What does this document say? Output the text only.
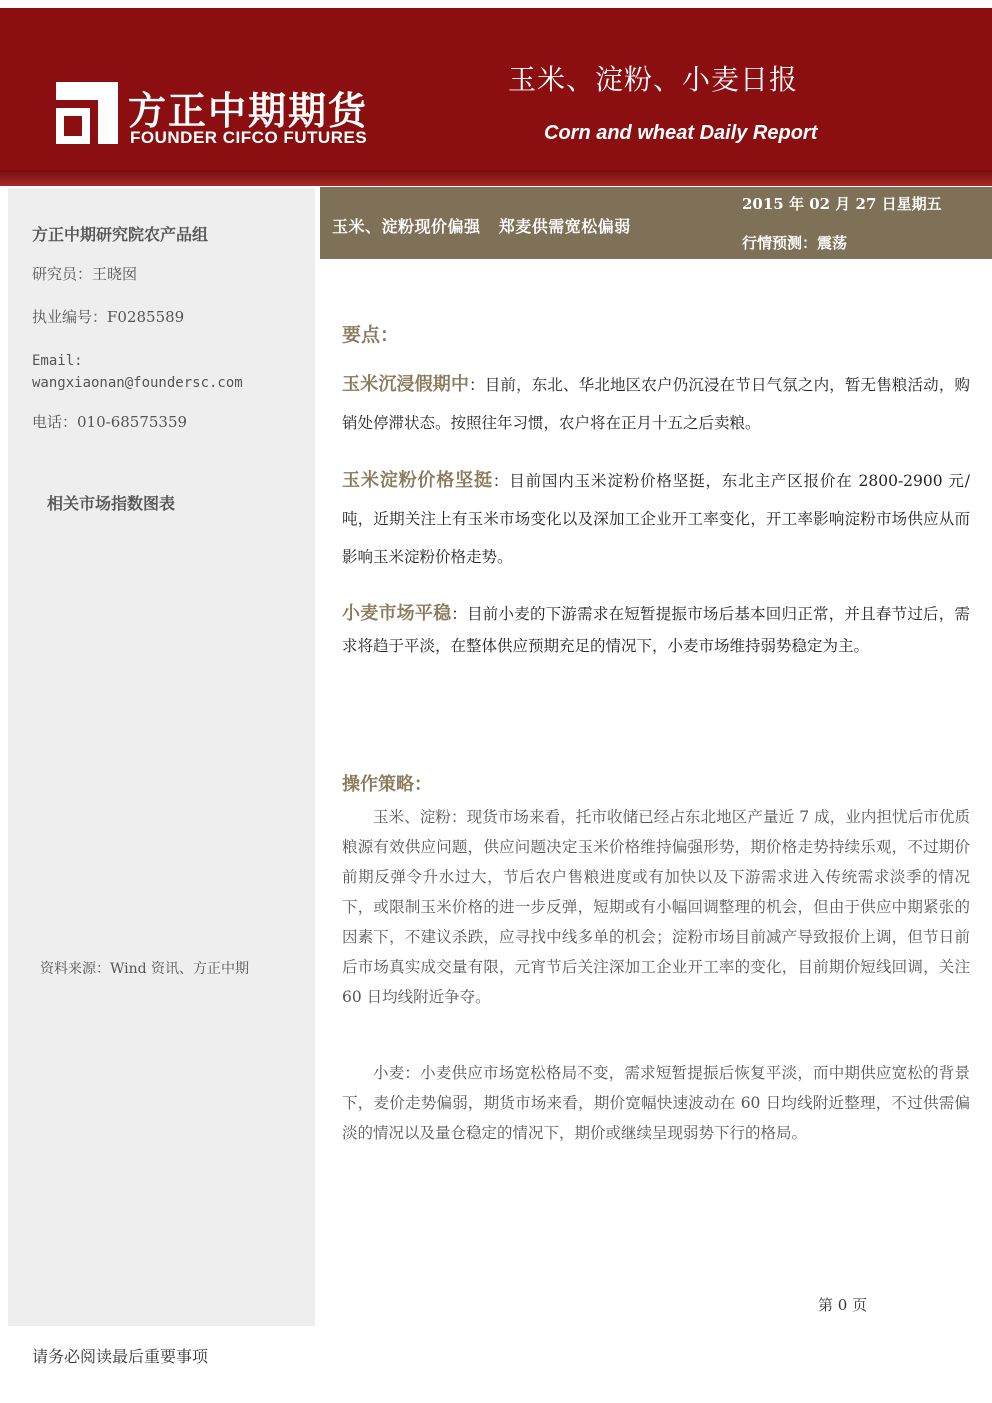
方正中期期货
FOUNDER CIFCO FUTURES
玉米、淀粉、小麦日报
Corn and wheat Daily Report
方正中期研究院农产品组
研究员：王晓囡
执业编号：F0285589
Email:
wangxiaonan@foundersc.com
电话：010-68575359
相关市场指数图表
资料来源：Wind 资讯、方正中期
玉米、淀粉现价偏强   郑麦供需宽松偏弱
2015 年 02 月 27 日星期五
行情预测：震荡
要点：
玉米沉浸假期中：目前，东北、华北地区农户仍沉浸在节日气氛之内，暂无售粮活动，购销处停滞状态。按照往年习惯，农户将在正月十五之后卖粮。
玉米淀粉价格坚挺：目前国内玉米淀粉价格坚挺，东北主产区报价在 2800-2900 元/吨，近期关注上有玉米市场变化以及深加工企业开工率变化，开工率影响淀粉市场供应从而影响玉米淀粉价格走势。
小麦市场平稳：目前小麦的下游需求在短暂提振市场后基本回归正常，并且春节过后，需求将趋于平淡，在整体供应预期充足的情况下，小麦市场维持弱势稳定为主。
操作策略：
玉米、淀粉：现货市场来看，托市收储已经占东北地区产量近 7 成，业内担忧后市优质粮源有效供应问题，供应问题决定玉米价格维持偏强形势，期价格走势持续乐观，不过期价前期反弹令升水过大，节后农户售粮进度或有加快以及下游需求进入传统需求淡季的情况下，或限制玉米价格的进一步反弹，短期或有小幅回调整理的机会，但由于供应中期紧张的因素下，不建议杀跌，应寻找中线多单的机会；淀粉市场目前减产导致报价上调，但节日前后市场真实成交量有限，元宵节后关注深加工企业开工率的变化，目前期价短线回调，关注 60 日均线附近争夺。
小麦：小麦供应市场宽松格局不变，需求短暂提振后恢复平淡，而中期供应宽松的背景下，麦价走势偏弱，期货市场来看，期价宽幅快速波动在 60 日均线附近整理，不过供需偏淡的情况以及量仓稳定的情况下，期价或继续呈现弱势下行的格局。
第 0 页
请务必阅读最后重要事项
